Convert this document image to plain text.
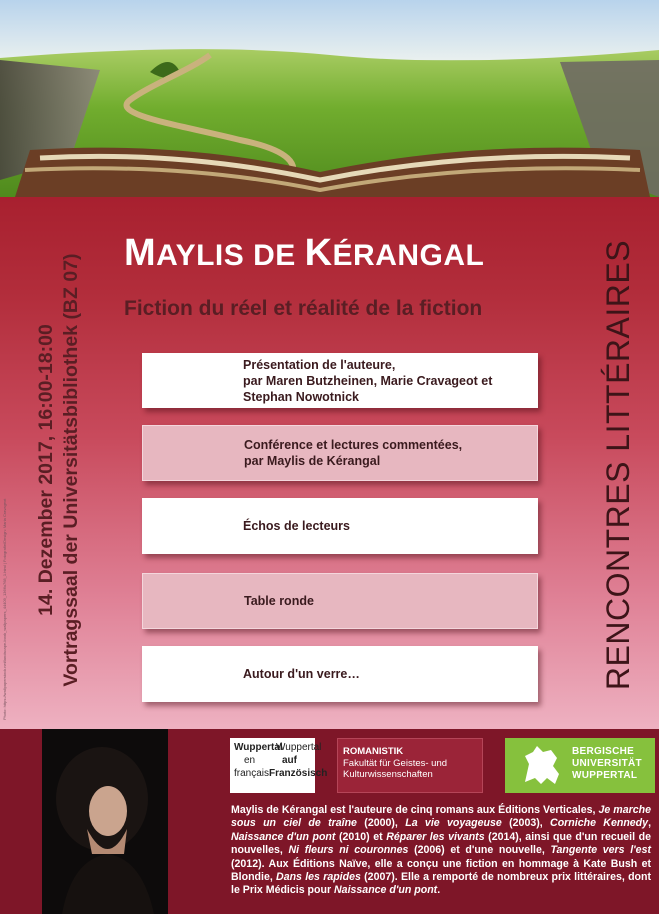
Photo: https://wallpaperstock.net/landscape-book_wallpapers_44409_1366x768_1.html | Fotografie/Design: Maria Cravageot
MAYLIS DE KÉRANGAL
Fiction du réel et réalité de la fiction
14. Dezember 2017, 16:00-18:00 Vortragssaal der Universitätsbibliothek (BZ 07)	RENCONTRES LITTÉRAIRES
Présentation de l'auteure,
par Maren Butzheinen, Marie Cravageot et
Stephan Nowotnick
Conférence et lectures commentées,
par Maylis de Kérangal
Échos de lecteurs
Table ronde
Autour d'un verre…
Wuppertal
Wuppertal
en	auf
français Französisch
ROMANISTIK
Fakultät für Geistes- und
Kulturwissenschaften
BERGISCHE
UNIVERSITÄT
WUPPERTAL
Maylis de Kérangal est l'auteure de cinq romans aux Éditions Verticales, Je marche sous un ciel de traîne (2000), La vie voyageuse (2003), Corniche Kennedy, Naissance d'un pont (2010) et Réparer les vivants (2014), ainsi que d'un recueil de nouvelles, Ni fleurs ni couronnes (2006) et d'une nouvelle, Tangente vers l'est (2012). Aux Éditions Naïve, elle a conçu une fiction en hommage à Kate Bush et Blondie, Dans les rapides (2007). Elle a remporté de nombreux prix littéraires, dont le Prix Médicis pour Naissance d'un pont.
